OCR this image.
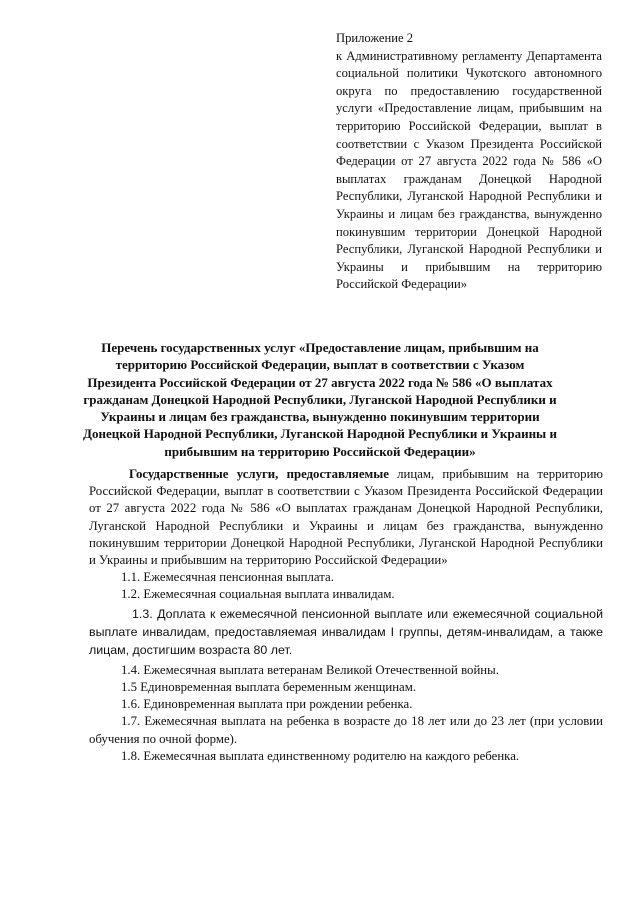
Приложение 2
к Административному регламенту Департамента социальной политики Чукотского автономного округа по предоставлению государственной услуги «Предоставление лицам, прибывшим на территорию Российской Федерации, выплат в соответствии с Указом Президента Российской Федерации от 27 августа 2022 года № 586 «О выплатах гражданам Донецкой Народной Республики, Луганской Народной Республики и Украины и лицам без гражданства, вынужденно покинувшим территории Донецкой Народной Республики, Луганской Народной Республики и Украины и прибывшим на территорию Российской Федерации»
Перечень государственных услуг «Предоставление лицам, прибывшим на территорию Российской Федерации, выплат в соответствии с Указом Президента Российской Федерации от 27 августа 2022 года № 586 «О выплатах гражданам Донецкой Народной Республики, Луганской Народной Республики и Украины и лицам без гражданства, вынужденно покинувшим территории Донецкой Народной Республики, Луганской Народной Республики и Украины и прибывшим на территорию Российской Федерации»

Государственные услуги, предоставляемые лицам, прибывшим на территорию Российской Федерации, выплат в соответствии с Указом Президента Российской Федерации от 27 августа 2022 года № 586 «О выплатах гражданам Донецкой Народной Республики, Луганской Народной Республики и Украины и лицам без гражданства, вынужденно покинувшим территории Донецкой Народной Республики, Луганской Народной Республики и Украины и прибывшим на территорию Российской Федерации»

1.1. Ежемесячная пенсионная выплата.

1.2. Ежемесячная социальная выплата инвалидам.

1.3. Доплата к ежемесячной пенсионной выплате или ежемесячной социальной выплате инвалидам, предоставляемая инвалидам I группы, детям-инвалидам, а также лицам, достигшим возраста 80 лет.

1.4. Ежемесячная выплата ветеранам Великой Отечественной войны.

1.5 Единовременная выплата беременным женщинам.

1.6. Единовременная выплата при рождении ребенка.

1.7. Ежемесячная выплата на ребенка в возрасте до 18 лет или до 23 лет (при условии обучения по очной форме).

1.8. Ежемесячная выплата единственному родителю на каждого ребенка.
